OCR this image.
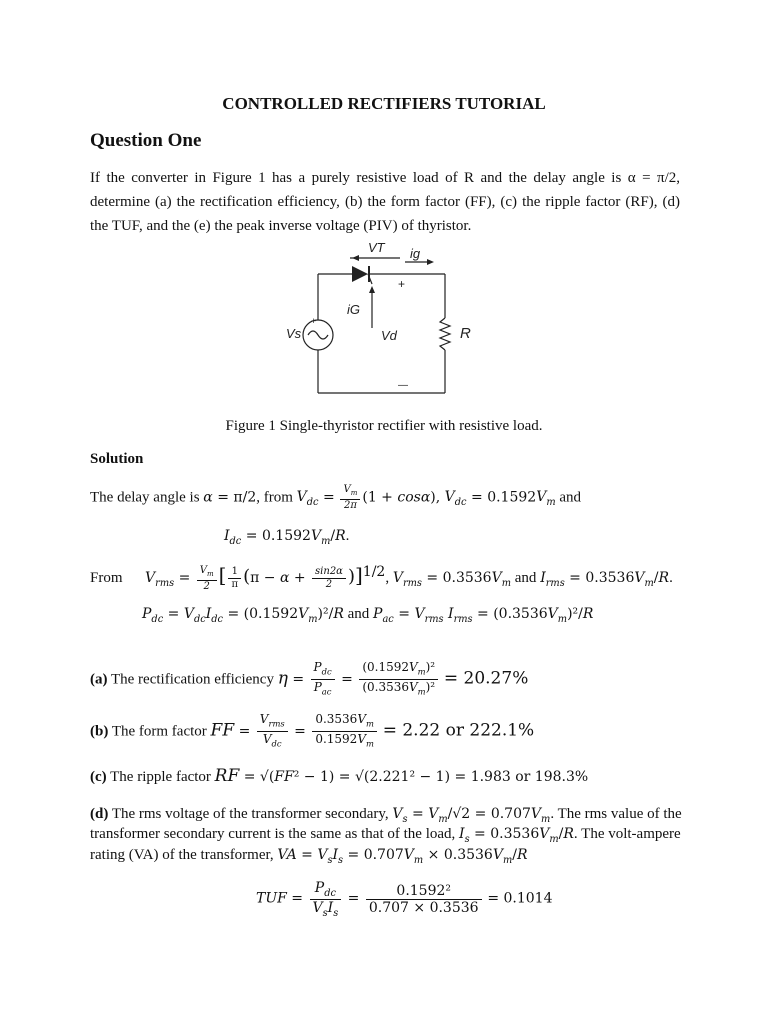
CONTROLLED RECTIFIERS TUTORIAL
Question One
If the converter in Figure 1 has a purely resistive load of R and the delay angle is α = π/2, determine (a) the rectification efficiency, (b) the form factor (FF), (c) the ripple factor (RF), (d) the TUF, and the (e) the peak inverse voltage (PIV) of thyristor.
VT ig
iG
Vs	Vd	R
+
+
—
Figure 1 Single-thyristor rectifier with resistive load.
Solution
The delay angle is α = π/2, from $V_{dc} = \frac{V_m}{2\pi} (1 + \cos\alpha)$, $V_{dc} = 0.1592V_m$ and
$I_{dc} = 0.1592V_m/R$.
From $V_{rms} = \frac{V_m}{2}$ [ $\frac{1}{\pi} (\pi - \alpha + \frac{\sin 2\alpha}{2} )]^{1/2}$, $V_{rms} = 0.3536V_m$ and $I_{rms} = 0.3536V_m/R$.
$P_{dc} = V_{dc}I_{dc} = (0.1592V_m)^2/R$ and $P_{ac} = V_{rms}$ $I_{rms} = (0.3536V_m)^2/R$
(a) The rectification efficiency $\eta = \frac{P_{dc}}{P_{ac}} = \frac{(0.1592V_m)^2}{(0.3536V_m)^2} = 20.27\%$
(b) The form factor FF = $\frac{V_{rms}}{V_{dc}} = \frac{0.3536V_m}{0.1592V_m} = 2.22$ or 222.1%
(c) The ripple factor RF = √(FF² − 1) = √(2.221² − 1) = 1.983 or 198.3%
(d) The rms voltage of the transformer secondary, $V_s = V_m/√2 = 0.707V_m$. The rms value of the
transformer secondary current is the same as that of the load, $I_s = 0.3536V_m/R$. The volt-ampere
rating (VA) of the transformer, VA = $V_sI_s = 0.707V_m \times 0.3536V_m/R$
TUF = $\frac{P_{dc}}{V_sI_s} = \frac{\text{0.1592²}}{0.707 \times 0.3536} = 0.1014$
